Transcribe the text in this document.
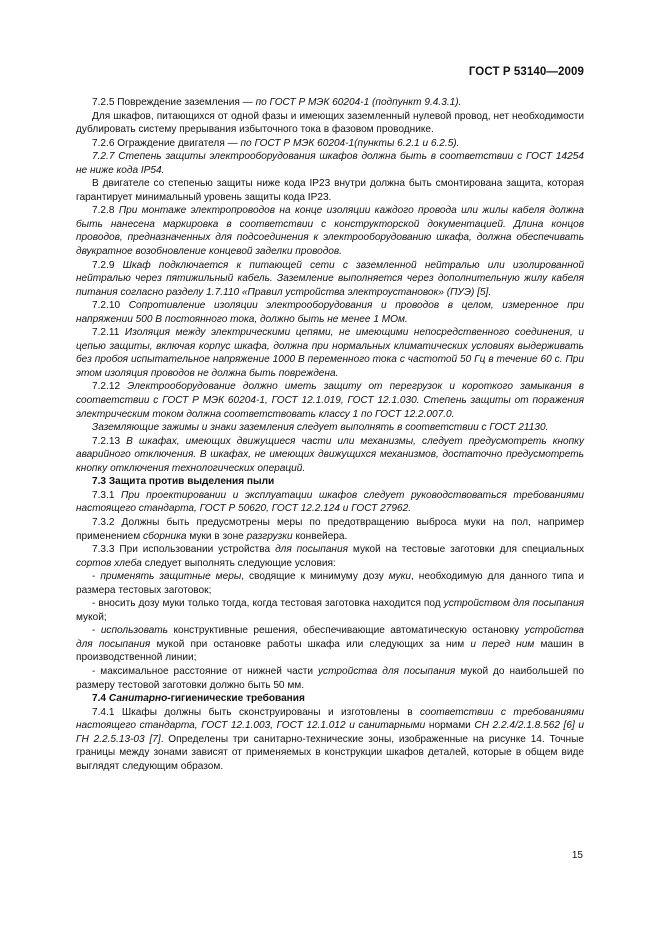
ГОСТ Р 53140—2009

7.2.5 Повреждение заземления — по ГОСТ Р МЭК 60204-1 (подпункт 9.4.3.1).

Для шкафов, питающихся от одной фазы и имеющих заземленный нулевой провод, нет необходимости дублировать систему прерывания избыточного тока в фазовом проводнике.

7.2.6 Ограждение двигателя — по ГОСТ Р МЭК 60204-1(пункты 6.2.1 и 6.2.5).

7.2.7 Степень защиты электрооборудования шкафов должна быть в соответствии с ГОСТ 14254 не ниже кода IP54.

В двигателе со степенью защиты ниже кода IP23 внутри должна быть смонтирована защита, которая гарантирует минимальный уровень защиты кода IP23.

7.2.8 При монтаже электропроводов на конце изоляции каждого провода или жилы кабеля должна быть нанесена маркировка в соответствии с конструкторской документацией. Длина концов проводов, предназначенных для подсоединения к электрооборудованию шкафа, должна обеспечивать двукратное возобновление концевой заделки проводов.

7.2.9 Шкаф подключается к питающей сети с заземленной нейтралью или изолированной нейтралью через пятижильный кабель. Заземление выполняется через дополнительную жилу кабеля питания согласно разделу 1.7.110 «Правил устройства электроустановок» (ПУЭ) [5].

7.2.10 Сопротивление изоляции электрооборудования и проводов в целом, измеренное при напряжении 500 В постоянного тока, должно быть не менее 1 МОм.

7.2.11 Изоляция между электрическими цепями, не имеющими непосредственного соединения, и цепью защиты, включая корпус шкафа, должна при нормальных климатических условиях выдерживать без пробоя испытательное напряжение 1000 В переменного тока с частотой 50 Гц в течение 60 с. При этом изоляция проводов не должна быть повреждена.

7.2.12 Электрооборудование должно иметь защиту от перегрузок и короткого замыкания в соответствии с ГОСТ Р МЭК 60204-1, ГОСТ 12.1.019, ГОСТ 12.1.030. Степень защиты от поражения электрическим током должна соответствовать классу 1 по ГОСТ 12.2.007.0.

Заземляющие зажимы и знаки заземления следует выполнять в соответствии с ГОСТ 21130.

7.2.13 В шкафах, имеющих движущиеся части или механизмы, следует предусмотреть кнопку аварийного отключения. В шкафах, не имеющих движущихся механизмов, достаточно предусмотреть кнопку отключения технологических операций.

7.3 Защита против выделения пыли

7.3.1 При проектировании и эксплуатации шкафов следует руководствоваться требованиями настоящего стандарта, ГОСТ Р 50620, ГОСТ 12.2.124 и ГОСТ 27962.

7.3.2 Должны быть предусмотрены меры по предотвращению выброса муки на пол, например применением сборника муки в зоне разгрузки конвейера.

7.3.3 При использовании устройства для посыпания мукой на тестовые заготовки для специальных сортов хлеба следует выполнять следующие условия:

- применять защитные меры, сводящие к минимуму дозу муки, необходимую для данного типа и размера тестовых заготовок;

- вносить дозу муки только тогда, когда тестовая заготовка находится под устройством для посыпания мукой;

- использовать конструктивные решения, обеспечивающие автоматическую остановку устройства для посыпания мукой при остановке работы шкафа или следующих за ним и перед ним машин в производственной линии;

- максимальное расстояние от нижней части устройства для посыпания мукой до наибольшей по размеру тестовой заготовки должно быть 50 мм.

7.4 Санитарно-гигиенические требования

7.4.1 Шкафы должны быть сконструированы и изготовлены в соответствии с требованиями настоящего стандарта, ГОСТ 12.1.003, ГОСТ 12.1.012 и санитарными нормами СН 2.2.4/2.1.8.562 [6] и ГН 2.2.5.13-03 [7]. Определены три санитарно-технические зоны, изображенные на рисунке 14. Точные границы между зонами зависят от применяемых в конструкции шкафов деталей, которые в общем виде выглядят следующим образом.

15
